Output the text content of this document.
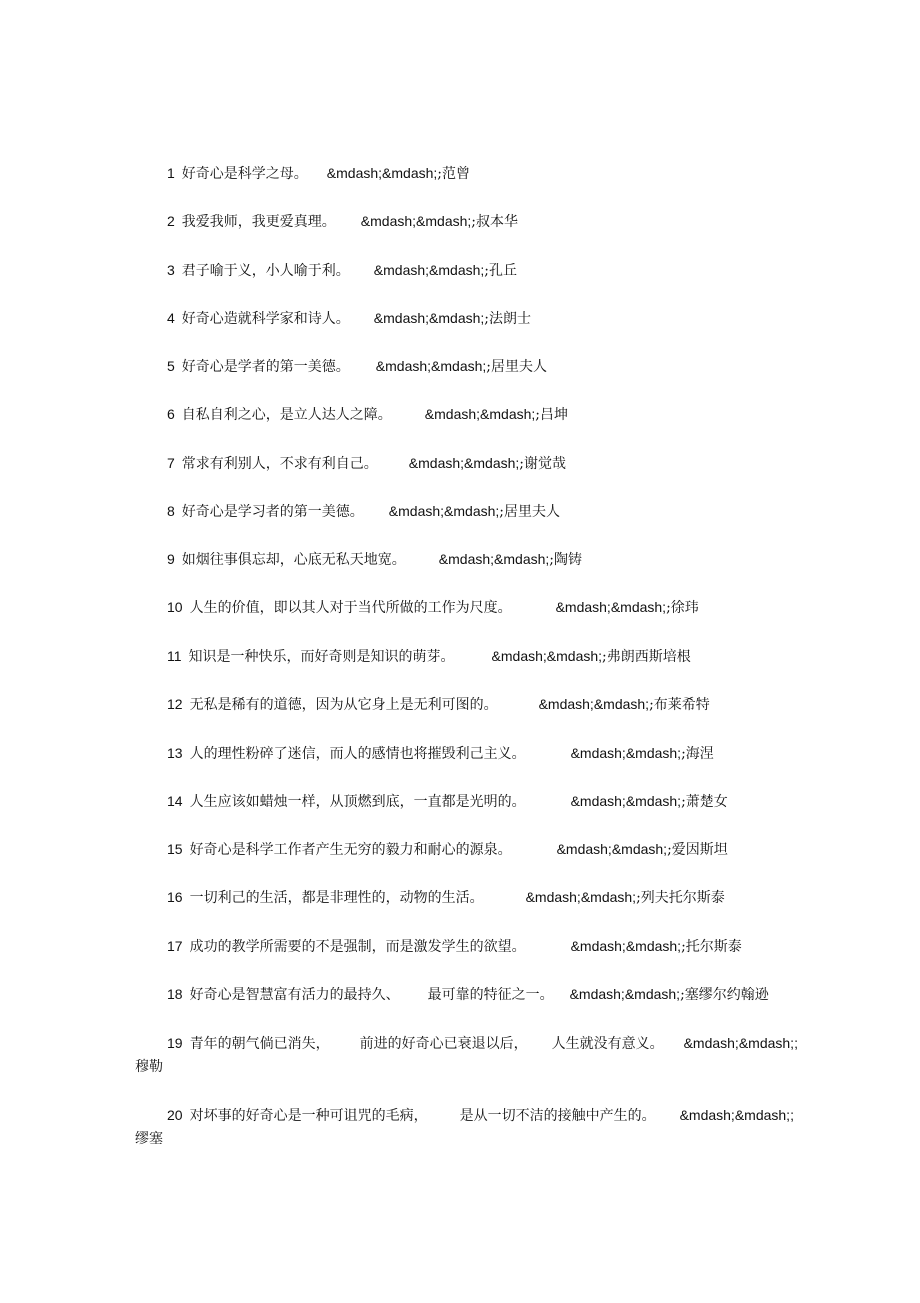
1 好奇心是科学之母。 &mdash;&mdash;;范曾
2 我爱我师，我更爱真理。 &mdash;&mdash;;叔本华
3 君子喻于义，小人喻于利。 &mdash;&mdash;;孔丘
4 好奇心造就科学家和诗人。 &mdash;&mdash;;法朗士
5 好奇心是学者的第一美德。 &mdash;&mdash;;居里夫人
6 自私自利之心，是立人达人之障。 &mdash;&mdash;;吕坤
7 常求有利别人，不求有利自己。 &mdash;&mdash;;谢觉哉
8 好奇心是学习者的第一美德。 &mdash;&mdash;;居里夫人
9 如烟往事俱忘却，心底无私天地宽。 &mdash;&mdash;;陶铸
10 人生的价值，即以其人对于当代所做的工作为尺度。	&mdash;&mdash;;徐玮
11 知识是一种快乐，而好奇则是知识的萌芽。	&mdash;&mdash;;弗朗西斯培根
12 无私是稀有的道德，因为从它身上是无利可图的。	&mdash;&mdash;;布莱希特
13 人的理性粉碎了迷信，而人的感情也将摧毁利己主义。	&mdash;&mdash;;海涅
14 人生应该如蜡烛一样，从顶燃到底，一直都是光明的。	&mdash;&mdash;;萧楚女
15 好奇心是科学工作者产生无穷的毅力和耐心的源泉。	&mdash;&mdash;;爱因斯坦
16 一切利己的生活，都是非理性的，动物的生活。	&mdash;&mdash;;列夫托尔斯泰
17 成功的教学所需要的不是强制，而是激发学生的欲望。	&mdash;&mdash;;托尔斯泰
18 好奇心是智慧富有活力的最持久、 最可靠的特征之一。 &mdash;&mdash;;塞缪尔约翰逊
19 青年的朝气倘已消失， 前进的好奇心已衰退以后， 人生就没有意义。 &mdash;&mdash;;
穆勒
20 对坏事的好奇心是一种可诅咒的毛病， 是从一切不洁的接触中产生的。 &mdash;&mdash;;
缪塞
